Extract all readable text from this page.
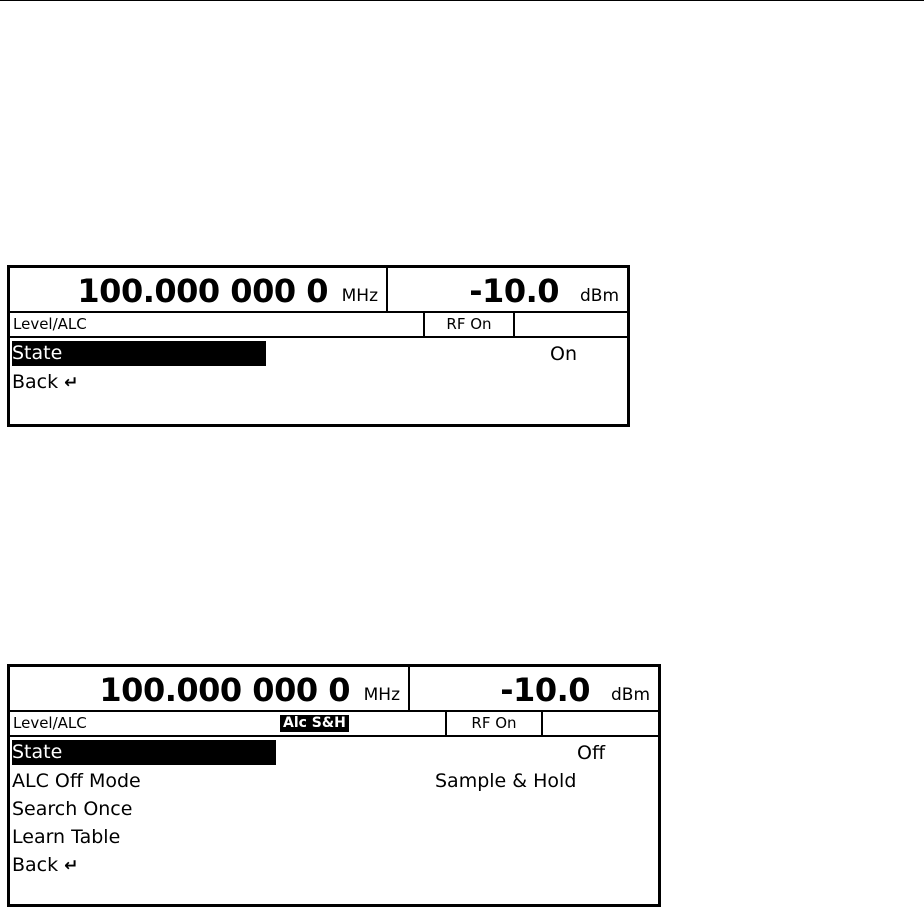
100.000 000 0 MHz	-10.0 dBm
Level/ALC	RF On
State	On
Back ↵
100.000 000 0 MHz	-10.0 dBm
Level/ALC	Alc S&H	RF On
State	Off
ALC Off Mode	Sample & Hold
Search Once
Learn Table
Back ↵
